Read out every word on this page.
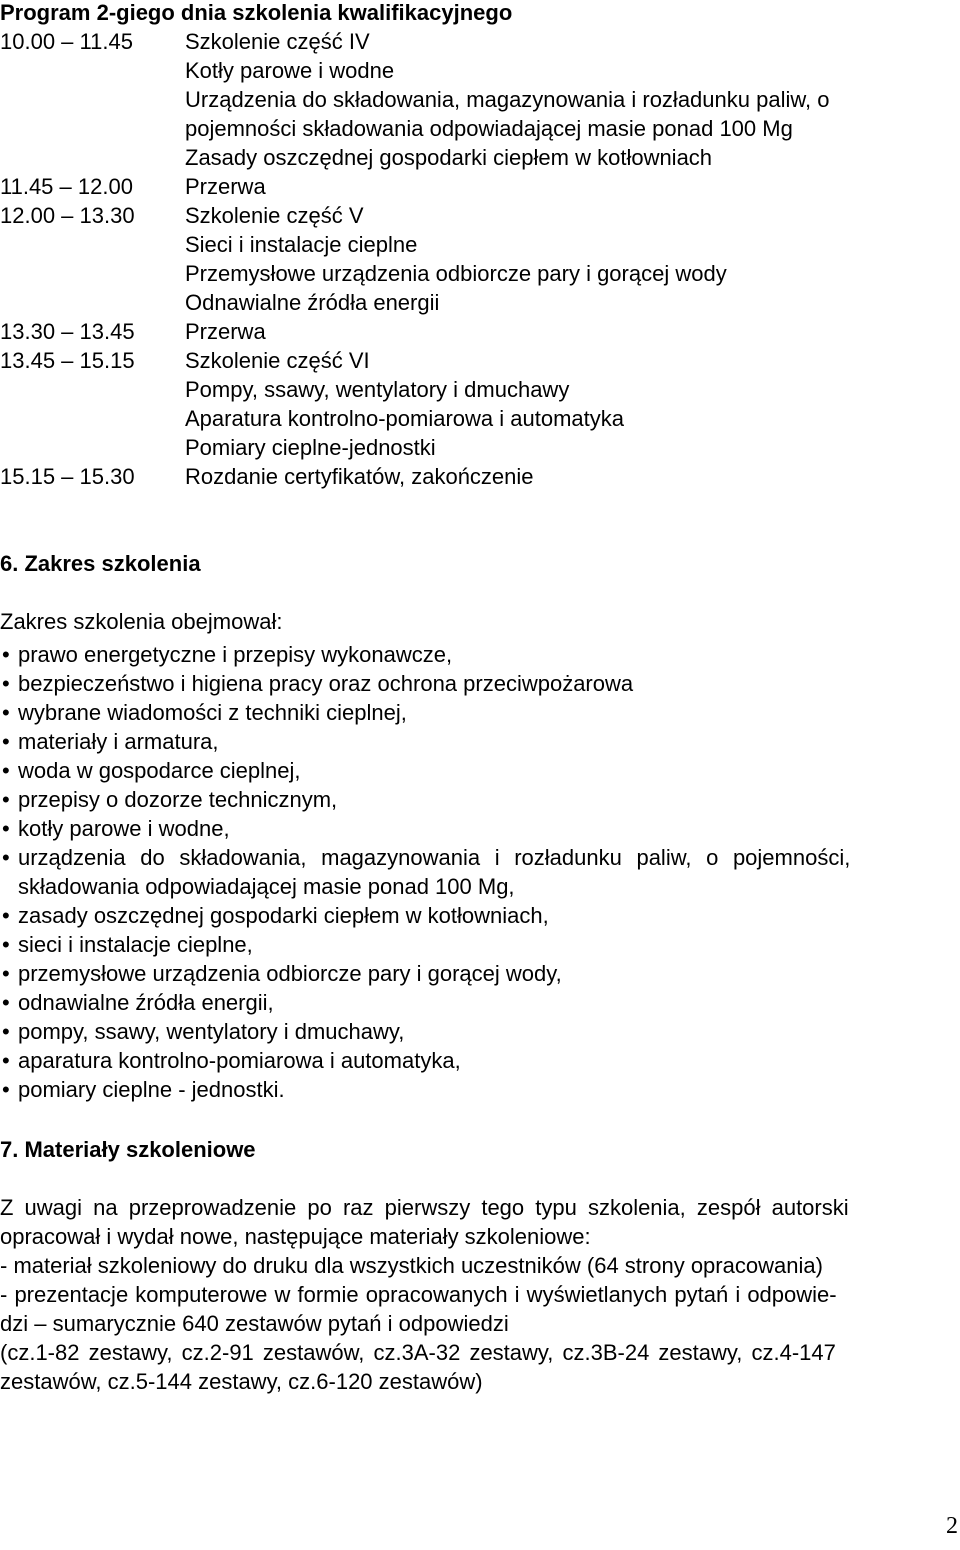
Program 2-giego dnia szkolenia kwalifikacyjnego
10.00 – 11.45 Szkolenie część IV
Kotły parowe i wodne
Urządzenia do składowania, magazynowania i rozładunku paliw, o
pojemności składowania odpowiadającej masie ponad 100 Mg
Zasady oszczędnej gospodarki ciepłem w kotłowniach
11.45 – 12.00 Przerwa
12.00 – 13.30 Szkolenie część V
Sieci i instalacje cieplne
Przemysłowe urządzenia odbiorcze pary i gorącej wody
Odnawialne źródła energii
13.30 – 13.45 Przerwa
13.45 – 15.15 Szkolenie część VI
Pompy, ssawy, wentylatory i dmuchawy
Aparatura kontrolno-pomiarowa i automatyka
Pomiary cieplne-jednostki
15.15 – 15.30 Rozdanie certyfikatów, zakończenie
6. Zakres szkolenia
Zakres szkolenia obejmował:
• prawo energetyczne i przepisy wykonawcze,
• bezpieczeństwo i higiena pracy oraz ochrona przeciwpożarowa
• wybrane wiadomości z techniki cieplnej,
• materiały i armatura,
• woda w gospodarce cieplnej,
• przepisy o dozorze technicznym,
• kotły parowe i wodne,
• urządzenia do składowania, magazynowania i rozładunku paliw, o pojemności,
składowania odpowiadającej masie ponad 100 Mg,
• zasady oszczędnej gospodarki ciepłem w kotłowniach,
• sieci i instalacje cieplne,
• przemysłowe urządzenia odbiorcze pary i gorącej wody,
• odnawialne źródła energii,
• pompy, ssawy, wentylatory i dmuchawy,
• aparatura kontrolno-pomiarowa i automatyka,
• pomiary cieplne - jednostki.
7. Materiały szkoleniowe
Z uwagi na przeprowadzenie po raz pierwszy tego typu szkolenia, zespół autorski
opracował i wydał nowe, następujące materiały szkoleniowe:
- materiał szkoleniowy do druku dla wszystkich uczestników (64 strony opracowania)
- prezentacje komputerowe w formie opracowanych i wyświetlanych pytań i odpowie-
dzi – sumarycznie 640 zestawów pytań i odpowiedzi
(cz.1-82 zestawy, cz.2-91 zestawów, cz.3A-32 zestawy, cz.3B-24 zestawy, cz.4-147
zestawów, cz.5-144 zestawy, cz.6-120 zestawów)
2
